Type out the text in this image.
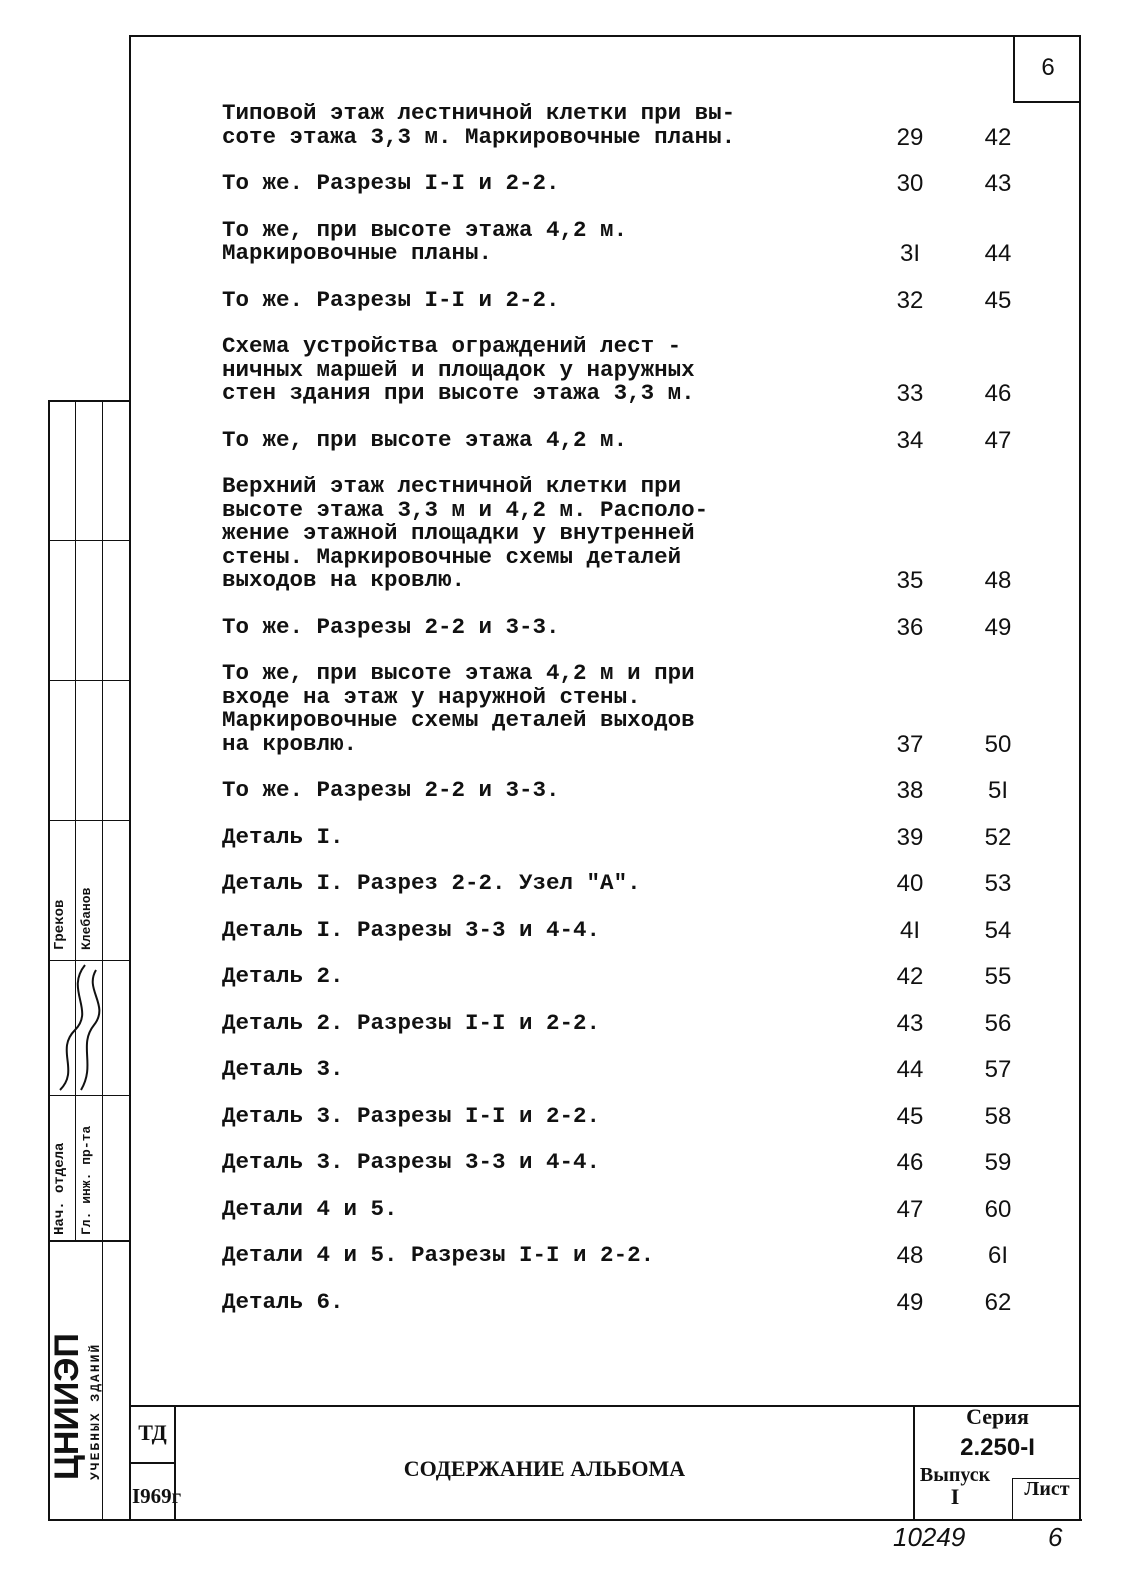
6
Типовой этаж лестничной клетки при вы-
соте этажа 3,3 м. Маркировочные планы.	29	42
То же. Разрезы I-I и 2-2.	30	43
То же, при высоте этажа 4,2 м.
Маркировочные планы.	3I	44
То же. Разрезы I-I и 2-2.	32	45
Схема устройства ограждений лест -
ничных маршей и площадок у наружных
стен здания при высоте этажа 3,3 м.	33	46
То же, при высоте этажа 4,2 м.	34	47
Верхний этаж лестничной клетки при
высоте этажа 3,3 м и 4,2 м. Располо-
жение этажной площадки у внутренней
стены. Маркировочные схемы деталей
выходов на кровлю.	35	48
То же. Разрезы 2-2 и 3-3.	36	49
То же, при высоте этажа 4,2 м и при
входе на этаж у наружной стены.
Маркировочные схемы деталей выходов
на кровлю.	37	50
То же. Разрезы 2-2 и 3-3.	38	5I
Деталь I.	39	52
Деталь I. Разрез 2-2. Узел "А".	40	53
Деталь I. Разрезы 3-3 и 4-4.	4I	54
Деталь 2.	42	55
Деталь 2. Разрезы I-I и 2-2.	43	56
Деталь 3.	44	57
Деталь 3. Разрезы I-I и 2-2.	45	58
Деталь 3. Разрезы 3-3 и 4-4.	46	59
Детали 4 и 5.	47	60
Детали 4 и 5. Разрезы I-I и 2-2.	48	6I
Деталь 6.	49	62
Нач. отдела
Греков
Гл. инж. пр-та
Клебанов
ЦНИИЭП УЧЕБНЫХ ЗДАНИЙ	ТД
I969г
СОДЕРЖАНИЕ АЛЬБОМА
Серия
2.250-I
Выпуск
I	Лист
10249	6
